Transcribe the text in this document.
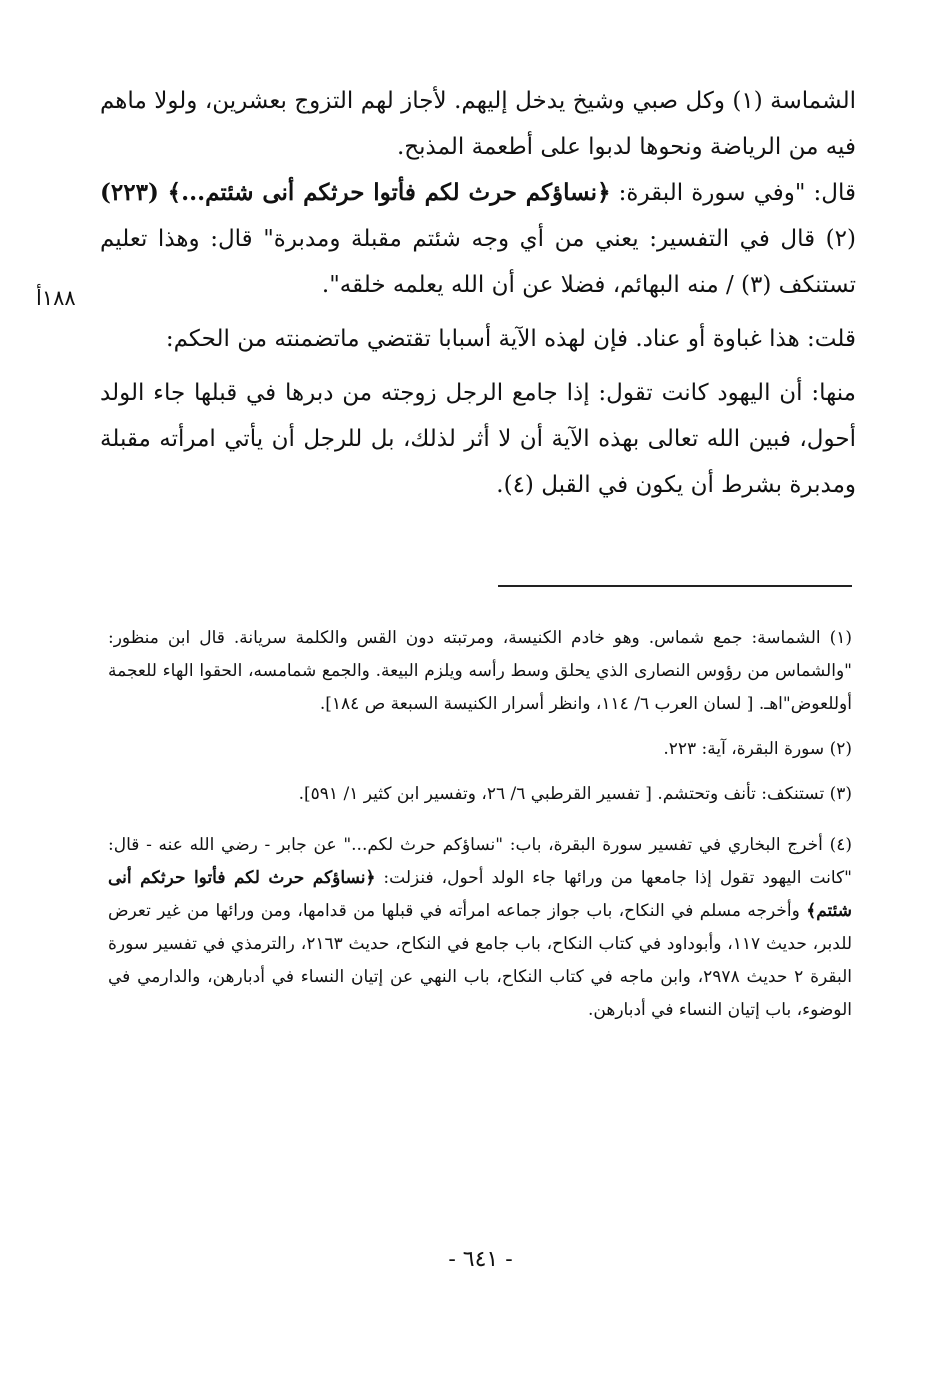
١٨٨أ

الشماسة (١) وكل صبي وشيخ يدخل إليهم. لأجاز لهم التزوج بعشرين، ولولا ماهم فيه من الرياضة ونحوها لدبوا على أطعمة المذبح.

قال: "وفي سورة البقرة: ﴿نساؤكم حرث لكم فأتوا حرثكم أنى شئتم...﴾ (٢٢٣) (٢) قال في التفسير: يعني من أي وجه شئتم مقبلة ومدبرة" قال: وهذا تعليم تستنكف (٣) / منه البهائم، فضلا عن أن الله يعلمه خلقه".

قلت: هذا غباوة أو عناد. فإن لهذه الآية أسبابا تقتضي ماتضمنته من الحكم:

منها: أن اليهود كانت تقول: إذا جامع الرجل زوجته من دبرها في قبلها جاء الولد أحول، فبين الله تعالى بهذه الآية أن لا أثر لذلك، بل للرجل أن يأتي امرأته مقبلة ومدبرة بشرط أن يكون في القبل (٤).

(١) الشماسة: جمع شماس. وهو خادم الكنيسة، ومرتبته دون القس والكلمة سريانة. قال ابن منظور: "والشماس من رؤوس النصارى الذي يحلق وسط رأسه ويلزم البيعة. والجمع شمامسه، الحقوا الهاء للعجمة أوللعوض"اهـ. [ لسان العرب ٦/ ١١٤، وانظر أسرار الكنيسة السبعة ص ١٨٤].

(٢) سورة البقرة، آية: ٢٢٣.

(٣) تستنكف: تأنف وتحتشم. [ تفسير القرطبي ٦/ ٢٦، وتفسير ابن كثير ١/ ٥٩١].

(٤) أخرج البخاري في تفسير سورة البقرة، باب: "نساؤكم حرث لكم..." عن جابر - رضي الله عنه - قال: "كانت اليهود تقول إذا جامعها من ورائها جاء الولد أحول، فنزلت: ﴿نساؤكم حرث لكم فأتوا حرثكم أنى شئتم﴾ وأخرجه مسلم في النكاح، باب جواز جماعه امرأته في قبلها من قدامها، ومن ورائها من غير تعرض للدبر، حديث ١١٧، وأبوداود في كتاب النكاح، باب جامع في النكاح، حديث ٢١٦٣، رالترمذي في تفسير سورة البقرة ٢ حديث ٢٩٧٨، وابن ماجه في كتاب النكاح، باب النهي عن إتيان النساء في أدبارهن، والدارمي في الوضوء، باب إتيان النساء في أدبارهن.

- ٦٤١ -
